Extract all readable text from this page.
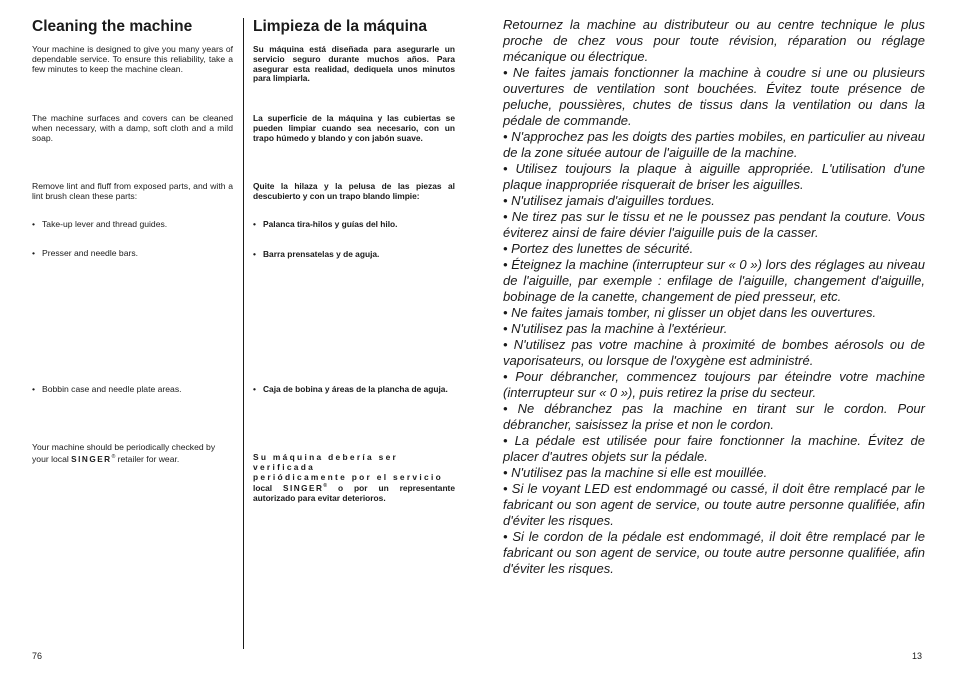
Cleaning the machine
Your machine is designed to give you many years of dependable service. To ensure this reliability, take a few minutes to keep the machine clean.
The machine surfaces and covers can be cleaned when necessary, with a damp, soft cloth and a mild soap.
Remove lint and fluff from exposed parts, and with a lint brush clean these parts:
• Take-up lever and thread guides.
• Presser and needle bars.
• Bobbin case and needle plate areas.
Your machine should be periodically checked by your local SINGER® retailer for wear.
76
Limpieza de la máquina
Su máquina está diseñada para asegurarle un servicio seguro durante muchos años. Para asegurar esta realidad, dediquela unos minutos para limpiarla.
La superficie de la máquina y las cubiertas se pueden limpiar cuando sea necesario, con un trapo húmedo y blando y con jabón suave.
Quite la hilaza y la pelusa de las piezas al descubierto y con un trapo blando limpie:
• Palanca tira-hilos y guías del hilo.
• Barra prensatelas y de aguja.
• Caja de bobina y áreas de la plancha de aguja.
Su máquina debería ser verificada
periódicamente por el servicio
local SINGER® o por un representante autorizado para evitar deterioros.

Retournez la machine au distributeur ou au centre technique le plus proche de chez vous pour toute révision, réparation ou réglage mécanique ou électrique.

• Ne faites jamais fonctionner la machine à coudre si une ou plusieurs ouvertures de ventilation sont bouchées. Évitez toute présence de peluche, poussières, chutes de tissus dans la ventilation ou dans la pédale de commande.

• N'approchez pas les doigts des parties mobiles, en particulier au niveau de la zone située autour de l'aiguille de la machine.

• Utilisez toujours la plaque à aiguille appropriée. L'utilisation d'une plaque inappropriée risquerait de briser les aiguilles.

• N'utilisez jamais d'aiguilles tordues.

• Ne tirez pas sur le tissu et ne le poussez pas pendant la couture. Vous éviterez ainsi de faire dévier l'aiguille puis de la casser.

• Portez des lunettes de sécurité.

• Éteignez la machine (interrupteur sur « 0 ») lors des réglages au niveau de l'aiguille, par exemple : enfilage de l'aiguille, changement d'aiguille, bobinage de la canette, changement de pied presseur, etc.

• Ne faites jamais tomber, ni glisser un objet dans les ouvertures.

• N'utilisez pas la machine à l'extérieur.

• N'utilisez pas votre machine à proximité de bombes aérosols ou de vaporisateurs, ou lorsque de l'oxygène est administré.

• Pour débrancher, commencez toujours par éteindre votre machine (interrupteur sur « 0 »), puis retirez la prise du secteur.

• Ne débranchez pas la machine en tirant sur le cordon. Pour débrancher, saisissez la prise et non le cordon.

• La pédale est utilisée pour faire fonctionner la machine. Évitez de placer d'autres objets sur la pédale.

• N'utilisez pas la machine si elle est mouillée.

• Si le voyant LED est endommagé ou cassé, il doit être remplacé par le fabricant ou son agent de service, ou toute autre personne qualifiée, afin d'éviter les risques.

• Si le cordon de la pédale est endommagé, il doit être remplacé par le fabricant ou son agent de service, ou toute autre personne qualifiée, afin d'éviter les risques.

13
